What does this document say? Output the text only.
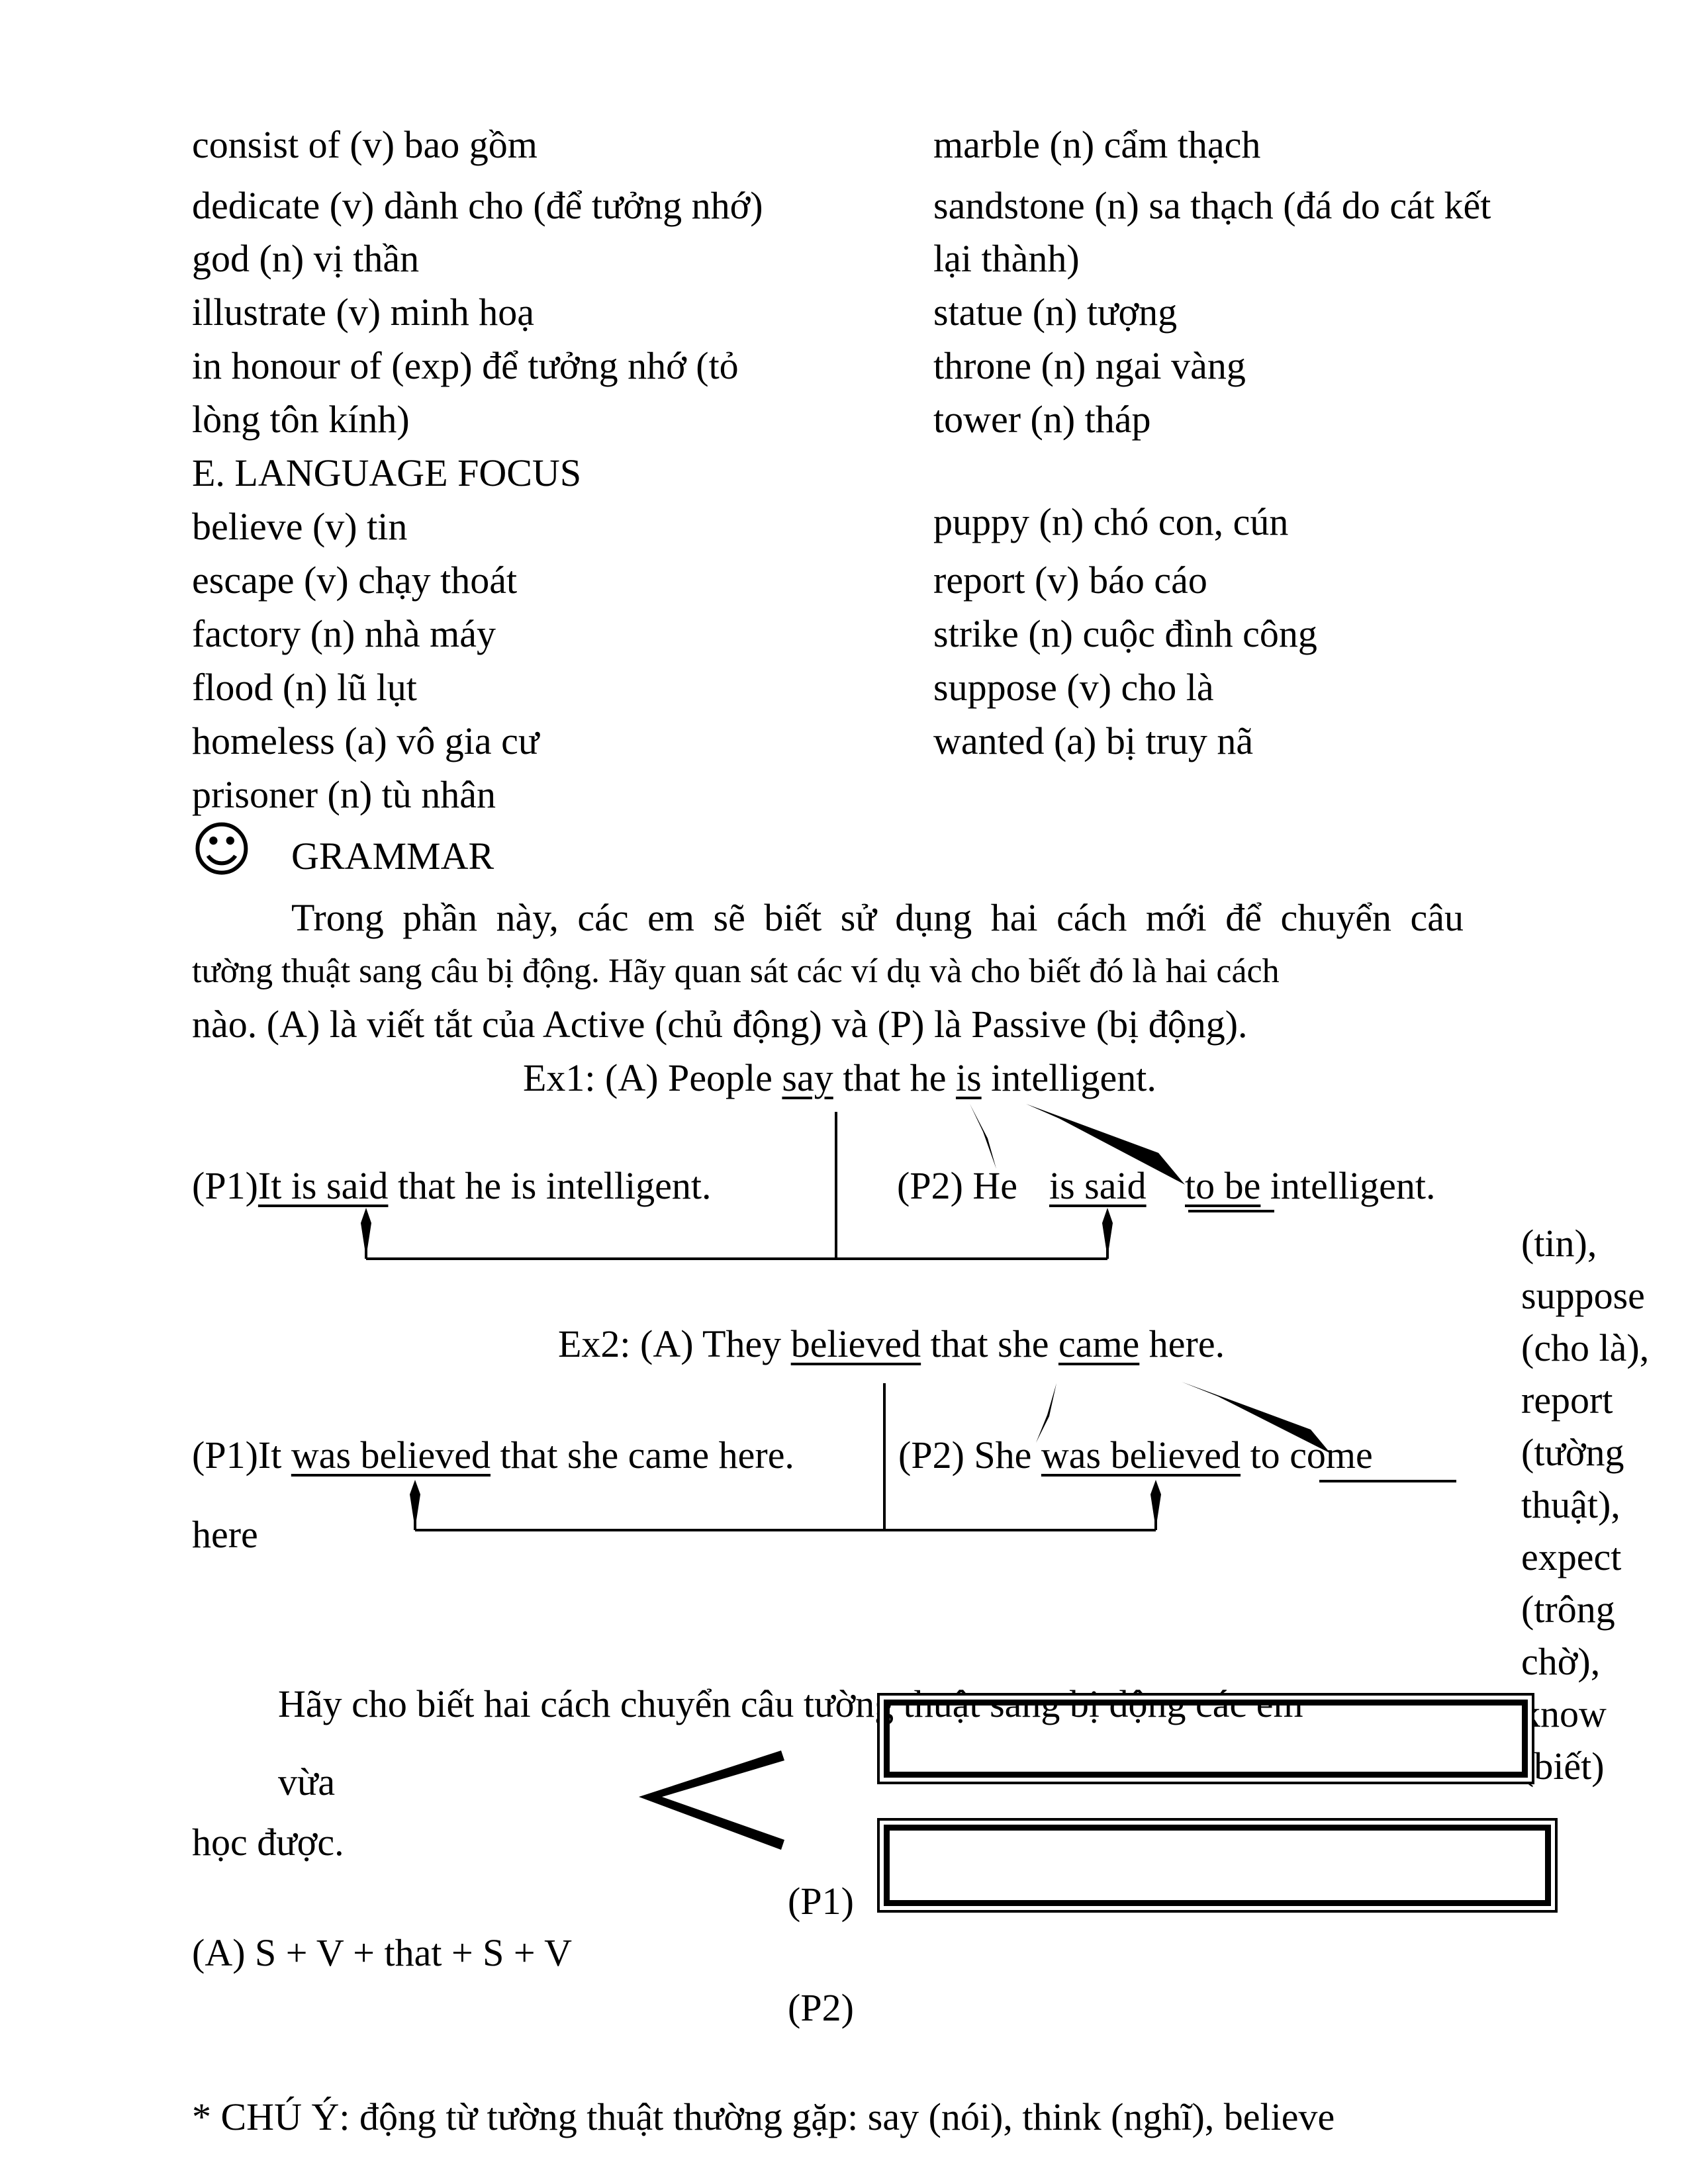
consist of (v) bao gồm
dedicate (v) dành cho (để tưởng nhớ)
god (n) vị thần
illustrate (v) minh hoạ
in honour of (exp) để tưởng nhớ (tỏ
lòng tôn kính)
marble (n) cẩm thạch
sandstone (n) sa thạch (đá do cát kết
lại thành)
statue (n) tượng
throne (n) ngai vàng
tower (n) tháp
E. LANGUAGE FOCUS
believe (v) tin
escape (v) chạy thoát
factory (n) nhà máy
flood (n) lũ lụt
homeless (a) vô gia cư
prisoner (n) tù nhân
puppy (n) chó con, cún
report (v) báo cáo
strike (n) cuộc đình công
suppose (v) cho là
wanted (a) bị truy nã
☺ GRAMMAR
Trong phần này, các em sẽ biết sử dụng hai cách mới để chuyển câu
tường thuật sang câu bị động. Hãy quan sát các ví dụ và cho biết đó là hai cách
nào. (A) là viết tắt của Active (chủ động) và (P) là Passive (bị động).
Ex1: (A) People say that he is intelligent.
(P1)It is said that he is intelligent.	(P2) He is said to be intelligent.
Ex2: (A) They believed that she came here.
(P1)It was believed that she came here.	(P2) She was believed to come
here
(tin),
suppose
(cho là),
report
(tường
thuật),
expect
(trông
chờ),
know
(biết)
Hãy cho biết hai cách chuyển câu tường thuật sang bị động các em
vừa
học được.
(P1)
(A) S + V + that + S + V
(P2)
* CHÚ Ý: động từ tường thuật thường gặp: say (nói), think (nghĩ), believe
